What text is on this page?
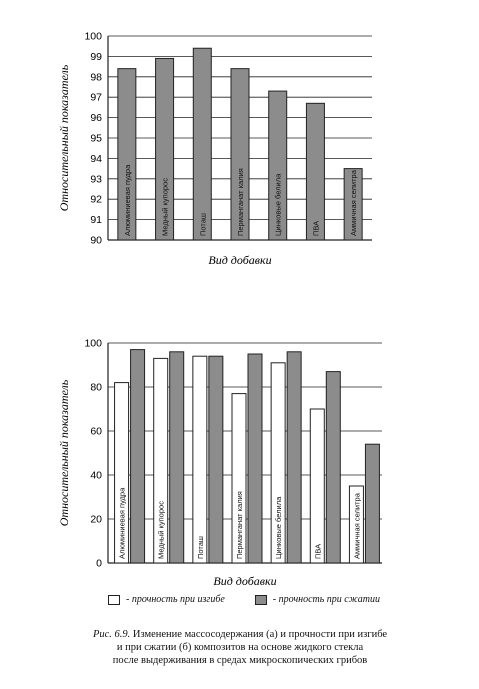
90
91
92
93
94
95
96
97
98
99
100
Алюминиевая пудра	Медный купорос	Поташ	Перманганат калия	Цинковые белила	ПВА	Аммичная селитра
Относительный показатель
Вид добавки
0
20
40
60
80
100
Алюминиевая пудра	Медный купорос	Поташ	Перманганат калия	Цинковые белила	ПВА	Аммичная селитра
Относительный показатель
Вид добавки
- прочность при изгибе	- прочность при сжатии
Рис. 6.9. Изменение массосодержания (а) и прочности при изгибе
и при сжатии (б) композитов на основе жидкого стекла
после выдерживания в средах микроскопических грибов
